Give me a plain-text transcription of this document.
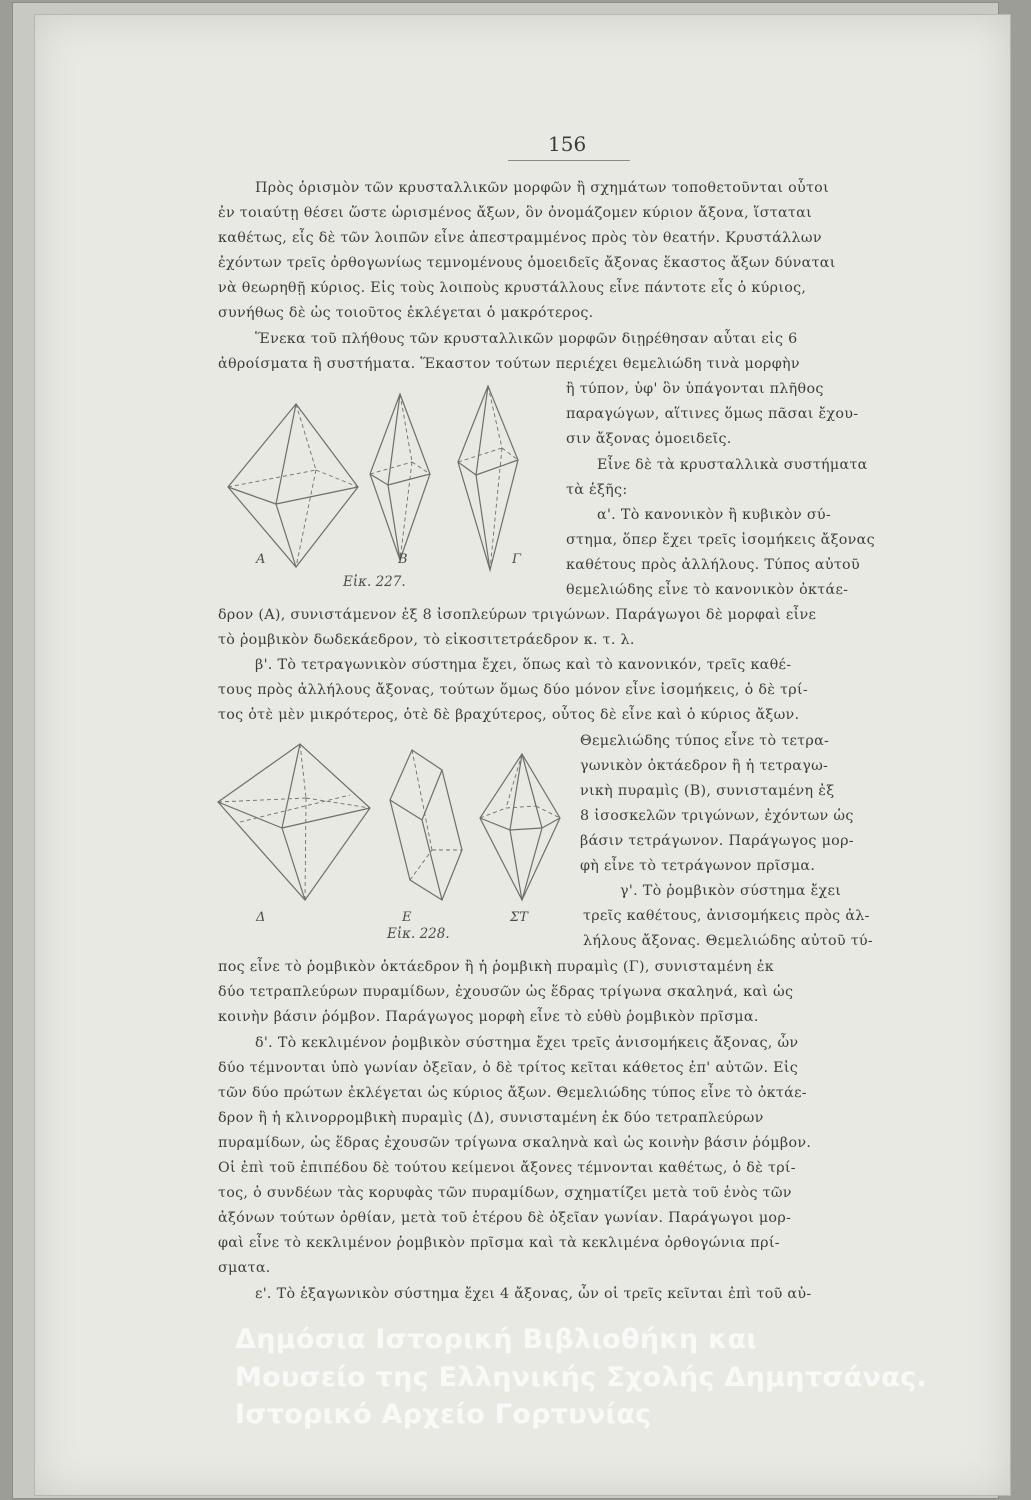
156
Πρὸς ὁρισμὸν τῶν κρυσταλλικῶν μορφῶν ἢ σχημάτων τοποθετοῦνται οὗτοι
ἐν τοιαύτῃ θέσει ὥστε ὡρισμένος ἄξων, ὃν ὀνομάζομεν κύριον ἄξονα, ἵσταται
καθέτως, εἷς δὲ τῶν λοιπῶν εἶνε ἀπεστραμμένος πρὸς τὸν θεατήν. Κρυστάλλων
ἐχόντων τρεῖς ὀρθογωνίως τεμνομένους ὁμοειδεῖς ἄξονας ἕκαστος ἄξων δύναται
νὰ θεωρηθῇ κύριος. Εἰς τοὺς λοιποὺς κρυστάλλους εἶνε πάντοτε εἷς ὁ κύριος,
συνήθως δὲ ὡς τοιοῦτος ἐκλέγεται ὁ μακρότερος.
Ἕνεκα τοῦ πλήθους τῶν κρυσταλλικῶν μορφῶν διῃρέθησαν αὗται εἰς 6
ἀθροίσματα ἢ συστήματα. Ἕκαστον τούτων περιέχει θεμελιώδη τινὰ μορφὴν
ἢ τύπον, ὑφ' ὃν ὑπάγονται πλῆθος
παραγώγων, αἵτινες ὅμως πᾶσαι ἔχου-
σιν ἄξονας ὁμοειδεῖς.
Εἶνε δὲ τὰ κρυσταλλικὰ συστήματα
τὰ ἑξῆς:
α'. Τὸ κανονικὸν ἢ κυβικὸν σύ-
στημα, ὅπερ ἔχει τρεῖς ἰσομήκεις ἄξονας
καθέτους πρὸς ἀλλήλους. Τύπος αὐτοῦ
θεμελιώδης εἶνε τὸ κανονικὸν ὀκτάε-
Α	Β	Γ
Εἰκ. 227.
δρον (Α), συνιστάμενον ἐξ 8 ἰσοπλεύρων τριγώνων. Παράγωγοι δὲ μορφαὶ εἶνε
τὸ ῥομβικὸν δωδεκάεδρον, τὸ εἰκοσιτετράεδρον κ. τ. λ.
β'. Τὸ τετραγωνικὸν σύστημα ἔχει, ὅπως καὶ τὸ κανονικόν, τρεῖς καθέ-
τους πρὸς ἀλλήλους ἄξονας, τούτων ὅμως δύο μόνον εἶνε ἰσομήκεις, ὁ δὲ τρί-
τος ὁτὲ μὲν μικρότερος, ὁτὲ δὲ βραχύτερος, οὗτος δὲ εἶνε καὶ ὁ κύριος ἄξων.
Θεμελιώδης τύπος εἶνε τὸ τετρα-
γωνικὸν ὀκτάεδρον ἢ ἡ τετραγω-
νικὴ πυραμὶς (Β), συνισταμένη ἐξ
8 ἰσοσκελῶν τριγώνων, ἐχόντων ὡς
βάσιν τετράγωνον. Παράγωγος μορ-
φὴ εἶνε τὸ τετράγωνον πρῖσμα.
γ'. Τὸ ῥομβικὸν σύστημα ἔχει
τρεῖς καθέτους, ἀνισομήκεις πρὸς ἀλ-
λήλους ἄξονας. Θεμελιώδης αὐτοῦ τύ-
Δ	Ε	ΣΤ
Εἰκ. 228.
πος εἶνε τὸ ῥομβικὸν ὀκτάεδρον ἢ ἡ ῥομβικὴ πυραμὶς (Γ), συνισταμένη ἐκ
δύο τετραπλεύρων πυραμίδων, ἐχουσῶν ὡς ἕδρας τρίγωνα σκαληνά, καὶ ὡς
κοινὴν βάσιν ῥόμβον. Παράγωγος μορφὴ εἶνε τὸ εὐθὺ ῥομβικὸν πρῖσμα.
δ'. Τὸ κεκλιμένον ῥομβικὸν σύστημα ἔχει τρεῖς ἀνισομήκεις ἄξονας, ὧν
δύο τέμνονται ὑπὸ γωνίαν ὀξεῖαν, ὁ δὲ τρίτος κεῖται κάθετος ἐπ' αὐτῶν. Εἰς
τῶν δύο πρώτων ἐκλέγεται ὡς κύριος ἄξων. Θεμελιώδης τύπος εἶνε τὸ ὀκτάε-
δρον ἢ ἡ κλινορρομβικὴ πυραμὶς (Δ), συνισταμένη ἐκ δύο τετραπλεύρων
πυραμίδων, ὡς ἕδρας ἐχουσῶν τρίγωνα σκαληνὰ καὶ ὡς κοινὴν βάσιν ῥόμβον.
Οἱ ἐπὶ τοῦ ἐπιπέδου δὲ τούτου κείμενοι ἄξονες τέμνονται καθέτως, ὁ δὲ τρί-
τος, ὁ συνδέων τὰς κορυφὰς τῶν πυραμίδων, σχηματίζει μετὰ τοῦ ἑνὸς τῶν
ἀξόνων τούτων ὀρθίαν, μετὰ τοῦ ἑτέρου δὲ ὀξεῖαν γωνίαν. Παράγωγοι μορ-
φαὶ εἶνε τὸ κεκλιμένον ῥομβικὸν πρῖσμα καὶ τὰ κεκλιμένα ὀρθογώνια πρί-
σματα.
ε'. Τὸ ἑξαγωνικὸν σύστημα ἔχει 4 ἄξονας, ὧν οἱ τρεῖς κεῖνται ἐπὶ τοῦ αὐ-
Δημόσια Ιστορική Βιβλιοθήκη και
Μουσείο της Ελληνικής Σχολής Δημητσάνας.
Ιστορικό Αρχείο Γορτυνίας
